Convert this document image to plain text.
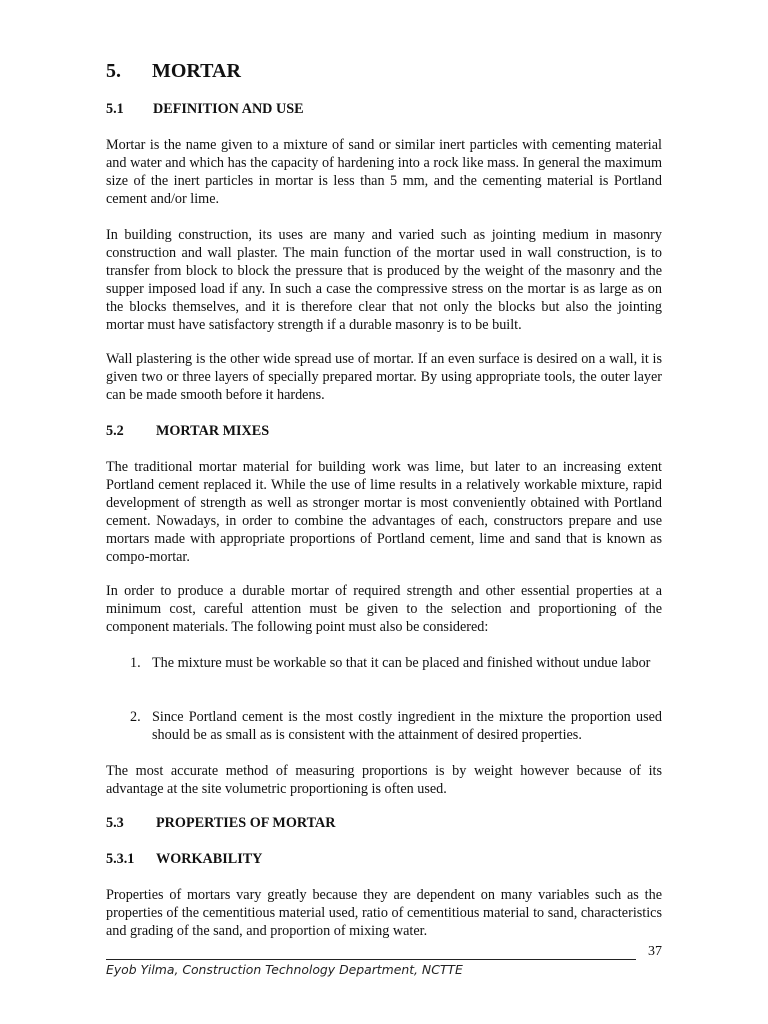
5. MORTAR
5.1 DEFINITION AND USE

Mortar is the name given to a mixture of sand or similar inert particles with cementing material and water and which has the capacity of hardening into a rock like mass. In general the maximum size of the inert particles in mortar is less than 5 mm, and the cementing material is Portland cement and/or lime.

In building construction, its uses are many and varied such as jointing medium in masonry construction and wall plaster. The main function of the mortar used in wall construction, is to transfer from block to block the pressure that is produced by the weight of the masonry and the supper imposed load if any. In such a case the compressive stress on the mortar is as large as on the blocks themselves, and it is therefore clear that not only the blocks but also the jointing mortar must have satisfactory strength if a durable masonry is to be built.

Wall plastering is the other wide spread use of mortar. If an even surface is desired on a wall, it is given two or three layers of specially prepared mortar. By using appropriate tools, the outer layer can be made smooth before it hardens.

5.2 MORTAR MIXES

The traditional mortar material for building work was lime, but later to an increasing extent Portland cement replaced it. While the use of lime results in a relatively workable mixture, rapid development of strength as well as stronger mortar is most conveniently obtained with Portland cement. Nowadays, in order to combine the advantages of each, constructors prepare and use mortars made with appropriate proportions of Portland cement, lime and sand that is known as compo-mortar.

In order to produce a durable mortar of required strength and other essential properties at a minimum cost, careful attention must be given to the selection and proportioning of the component materials. The following point must also be considered:

1. The mixture must be workable so that it can be placed and finished without undue labor
2. Since Portland cement is the most costly ingredient in the mixture the proportion used should be as small as is consistent with the attainment of desired properties.

The most accurate method of measuring proportions is by weight however because of its advantage at the site volumetric proportioning is often used.

5.3 PROPERTIES OF MORTAR
5.3.1 WORKABILITY

Properties of mortars vary greatly because they are dependent on many variables such as the properties of the cementitious material used, ratio of cementitious material to sand, characteristics and grading of the sand, and proportion of mixing water.

37
Eyob Yilma, Construction Technology Department, NCTTE
